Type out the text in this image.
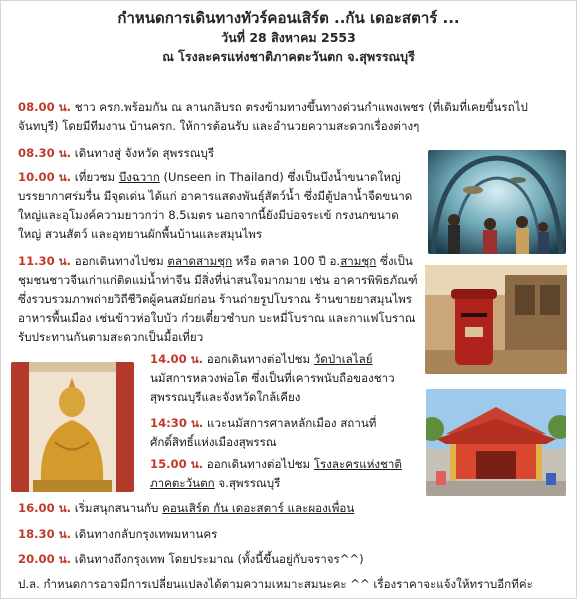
กำหนดการเดินทางทัวร์คอนเสิร์ต ..กัน เดอะสตาร์ ...
วันที่ 28 สิงหาคม 2553
ณ โรงละครแห่งชาติภาคตะวันตก จ.สุพรรณบุรี

08.00 น. ชาว ครก.พร้อมกัน ณ ลานกลิบรถ ตรงข้ามทางขึ้นทางด่วนกำแพงเพชร (ที่เดิมที่เคยขึ้นรถไปจันทบุรี) โดยมีทีมงาน บ้านครก. ให้การต้อนรับ และอำนวยความสะดวกเรื่องต่างๆ

08.30 น. เดินทางสู่ จังหวัด สุพรรณบุรี

10.00 น. เที่ยวชม บึงฉวาก (Unseen in Thailand) ซึ่งเป็นบึงน้ำขนาดใหญ่ บรรยากาศร่มรื่น มีจุดเด่น ได้แก่ อาคารแสดงพันธุ์สัตว์น้ำ ซึ่งมีตู้ปลาน้ำจืดขนาดใหญ่และอุโมงค์ความยาวกว่า 8.5เมตร นอกจากนี้ยังมีบ่อจระเข้ กรงนกขนาดใหญ่ สวนสัตว์ และอุทยานผักพื้นบ้านและสมุนไพร

11.30 น. ออกเดินทางไปชม ตลาดสามชุก หรือ ตลาด 100 ปี อ.สามชุก ซึ่งเป็นชุมชนชาวจีนเก่าแก่ติดแม่น้ำท่าจีน มีสิ่งที่น่าสนใจมากมาย เช่น อาคารพิพิธภัณฑ์ ซึ่งรวบรวมภาพถ่ายวิถีชีวิตผู้คนสมัยก่อน ร้านถ่ายรูปโบราณ ร้านขายยาสมุนไพร อาหารพื้นเมือง เช่นข้าวห่อใบบัว ก๋วยเตี๋ยวชำบก บะหมี่โบราณ และกาแฟโบราณ รับประทานกันตามสะดวกเป็นมื้อเที่ยว

14.00 น. ออกเดินทางต่อไปชม วัดป่าเลไลย์ นมัสการหลวงพ่อโต ซึ่งเป็นที่เคารพนับถือของชาวสุพรรณบุรีและจังหวัดใกล้เคียง

14:30 น. แวะนมัสการศาลหลักเมือง สถานที่ศักดิ์สิทธิ์แห่งเมืองสุพรรณ

15.00 น. ออกเดินทางต่อไปชม โรงละครแห่งชาติภาคตะวันตก จ.สุพรรณบุรี

16.00 น. เริ่มสนุกสนานกับ คอนเสิร์ต กัน เดอะสตาร์ และผองเพื่อน

18.30 น. เดินทางกลับกรุงเทพมหานคร

20.00 น. เดินทางถึงกรุงเทพ โดยประมาณ (ทั้งนี้ขึ้นอยู่กับจราจร^^)

ป.ล. กำหนดการอาจมีการเปลี่ยนแปลงได้ตามความเหมาะสมนะคะ ^^ เรื่องราคาจะแจ้งให้ทราบอีกทีค่ะ
